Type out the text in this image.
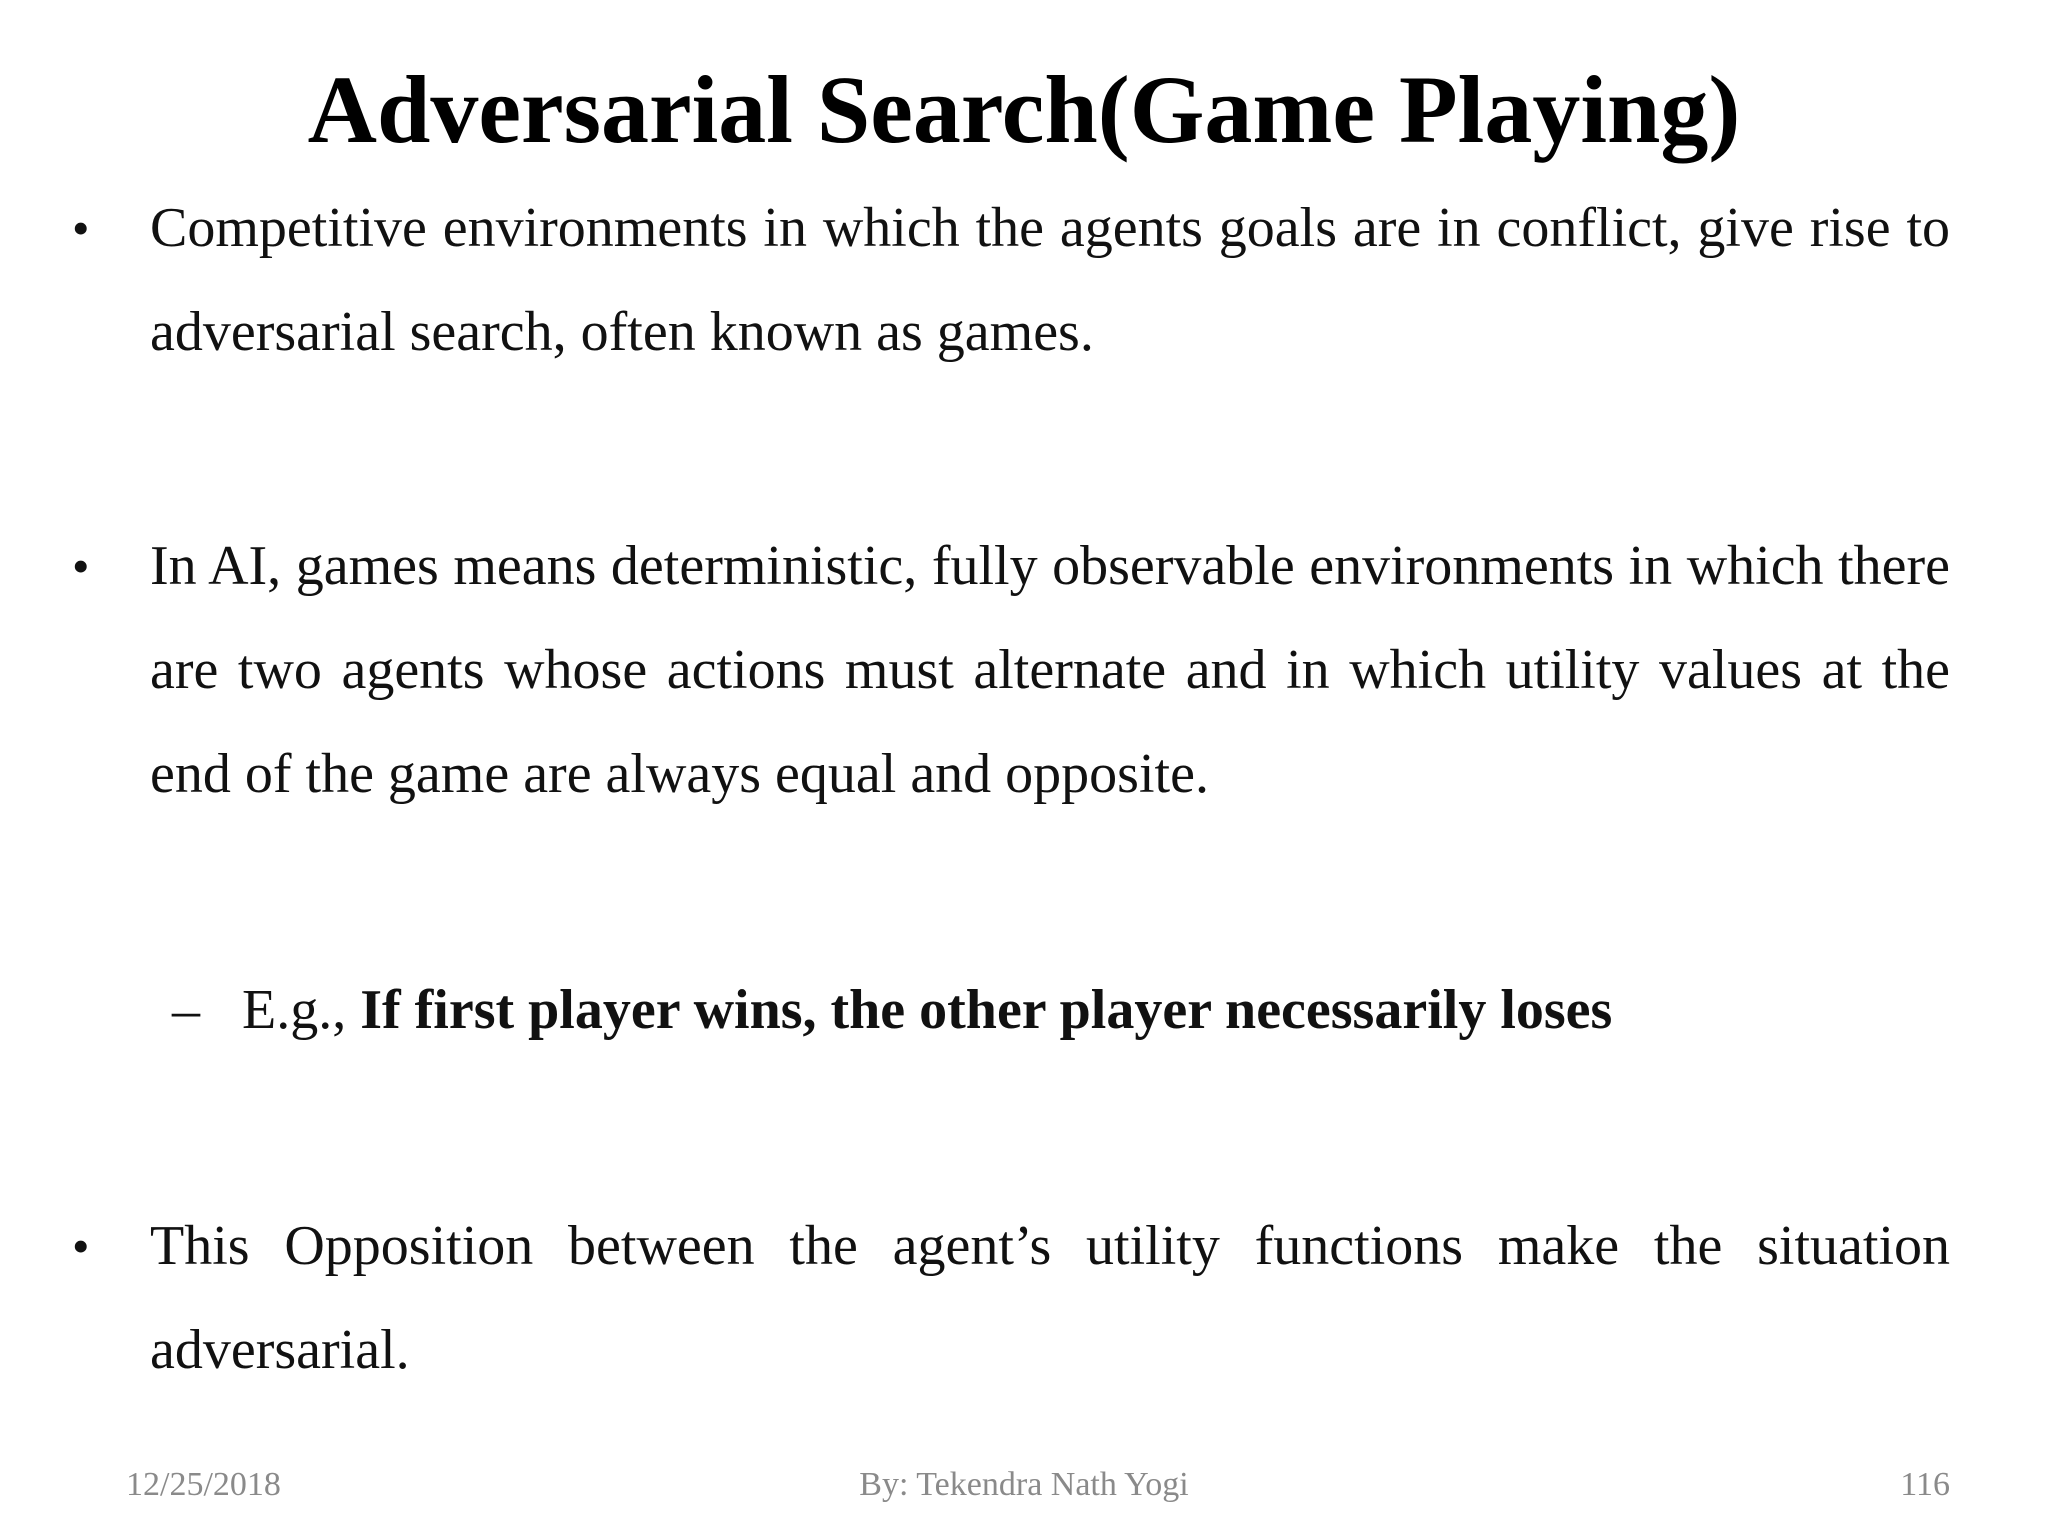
Adversarial Search(Game Playing)
• Competitive environments in which the agents goals are in conflict, give rise to adversarial search, often known as games.
• In AI, games means deterministic, fully observable environments in which there are two agents whose actions must alternate and in which utility values at the end of the game are always equal and opposite.
– E.g., If first player wins, the other player necessarily loses
• This Opposition between the agent’s utility functions make the situation adversarial.
12/25/2018	By: Tekendra Nath Yogi	116
